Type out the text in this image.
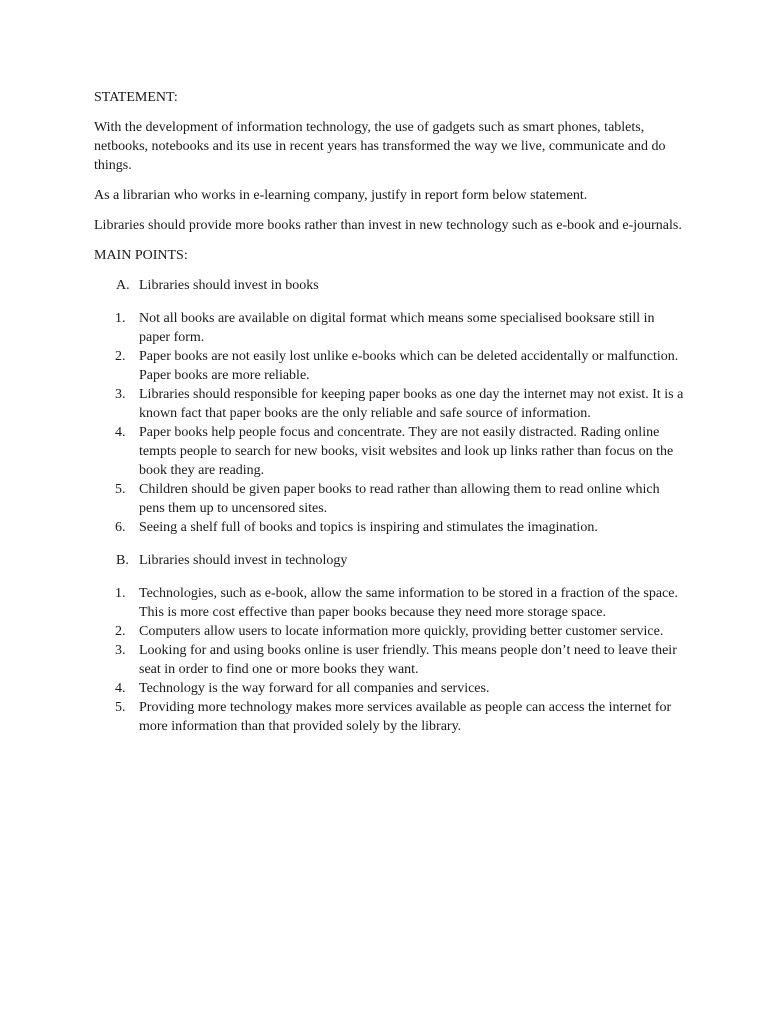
STATEMENT:

With the development of information technology, the use of gadgets such as smart phones, tablets, netbooks, notebooks and its use in recent years has transformed the way we live, communicate and do things.

As a librarian who works in e-learning company, justify in report form below statement.

Libraries should provide more books rather than invest in new technology such as e-book and e-journals.

MAIN POINTS:

A. Libraries should invest in books
1. Not all books are available on digital format which means some specialised booksare still in paper form.
2. Paper books are not easily lost unlike e-books which can be deleted accidentally or malfunction. Paper books are more reliable.
3. Libraries should responsible for keeping paper books as one day the internet may not exist. It is a known fact that paper books are the only reliable and safe source of information.
4. Paper books help people focus and concentrate. They are not easily distracted. Rading online tempts people to search for new books, visit websites and look up links rather than focus on the book they are reading.
5. Children should be given paper books to read rather than allowing them to read online which pens them up to uncensored sites.
6. Seeing a shelf full of books and topics is inspiring and stimulates the imagination.
B. Libraries should invest in technology
1. Technologies, such as e-book, allow the same information to be stored in a fraction of the space. This is more cost effective than paper books because they need more storage space.
2. Computers allow users to locate information more quickly, providing better customer service.
3. Looking for and using books online is user friendly. This means people don’t need to leave their seat in order to find one or more books they want.
4. Technology is the way forward for all companies and services.
5. Providing more technology makes more services available as people can access the internet for more information than that provided solely by the library.
